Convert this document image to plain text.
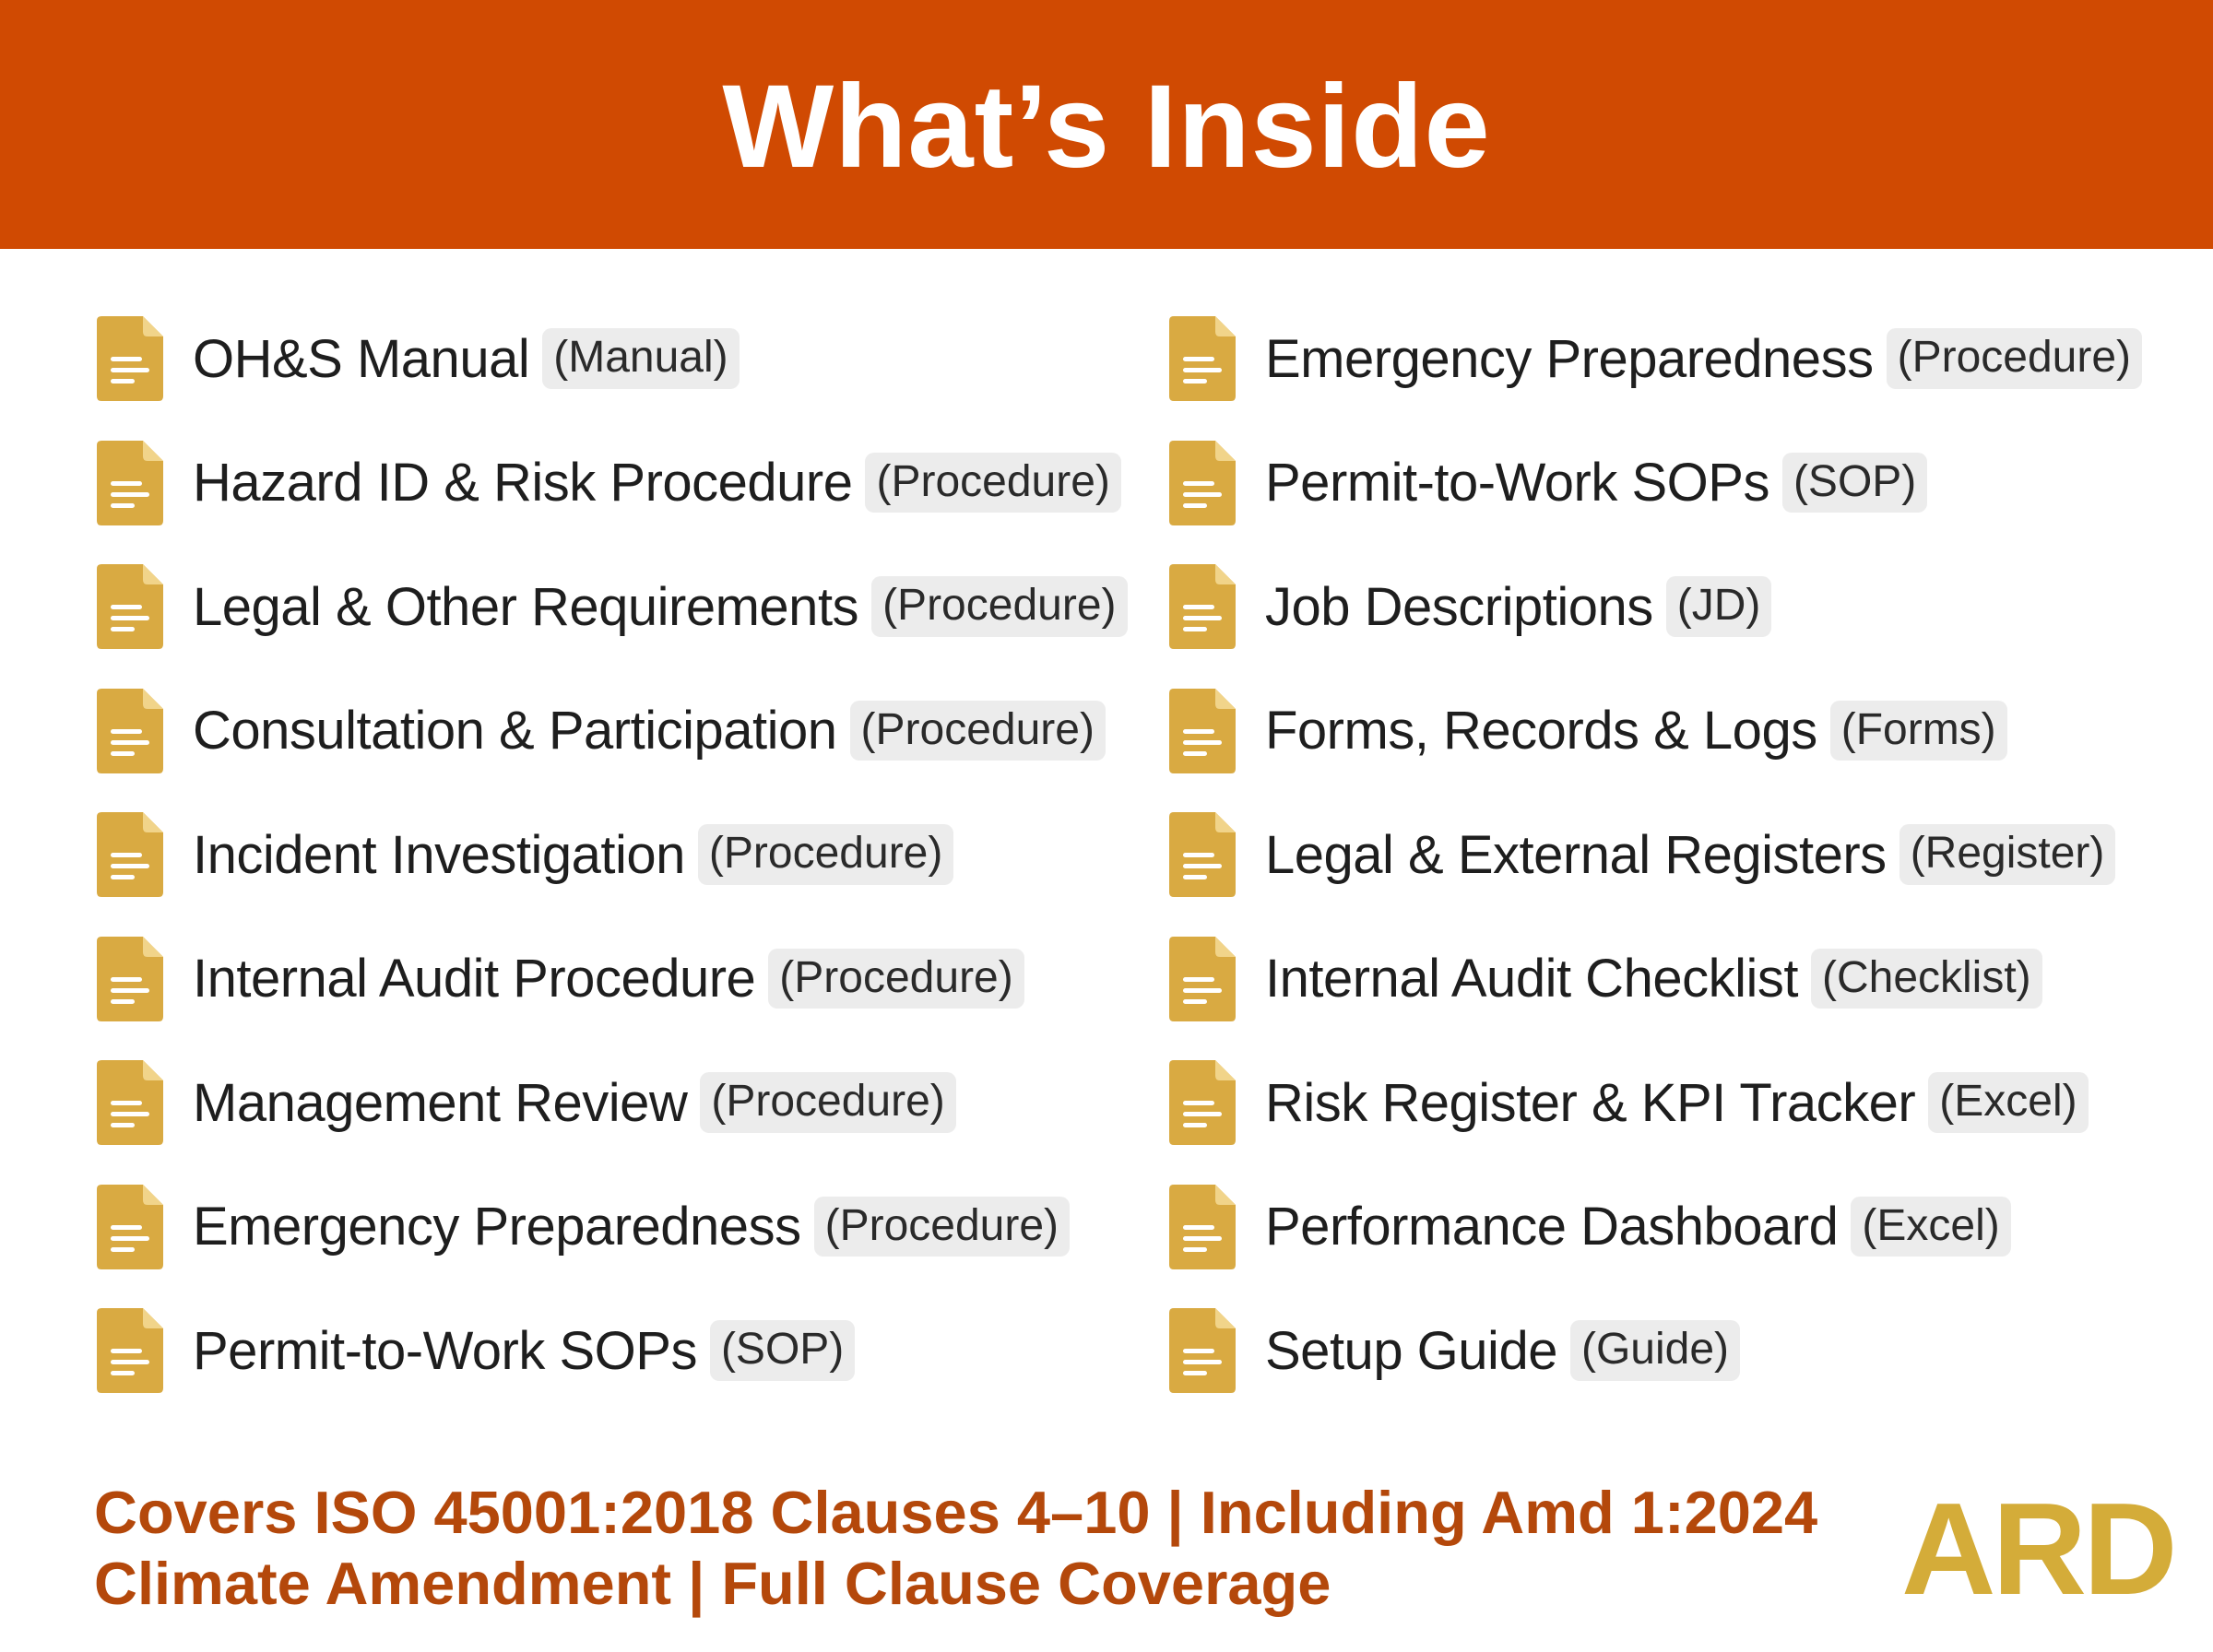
What’s Inside
OH&S Manual (Manual)
Hazard ID & Risk Procedure (Procedure)
Legal & Other Requirements (Procedure)
Consultation & Participation (Procedure)
Incident Investigation (Procedure)
Internal Audit Procedure (Procedure)
Management Review (Procedure)
Emergency Preparedness (Procedure)
Permit-to-Work SOPs (SOP)
Emergency Preparedness (Procedure)
Permit-to-Work SOPs (SOP)
Job Descriptions (JD)
Forms, Records & Logs (Forms)
Legal & External Registers (Register)
Internal Audit Checklist (Checklist)
Risk Register & KPI Tracker (Excel)
Performance Dashboard (Excel)
Setup Guide (Guide)

Covers ISO 45001:2018 Clauses 4–10 | Including Amd 1:2024
Climate Amendment | Full Clause Coverage	ARD
